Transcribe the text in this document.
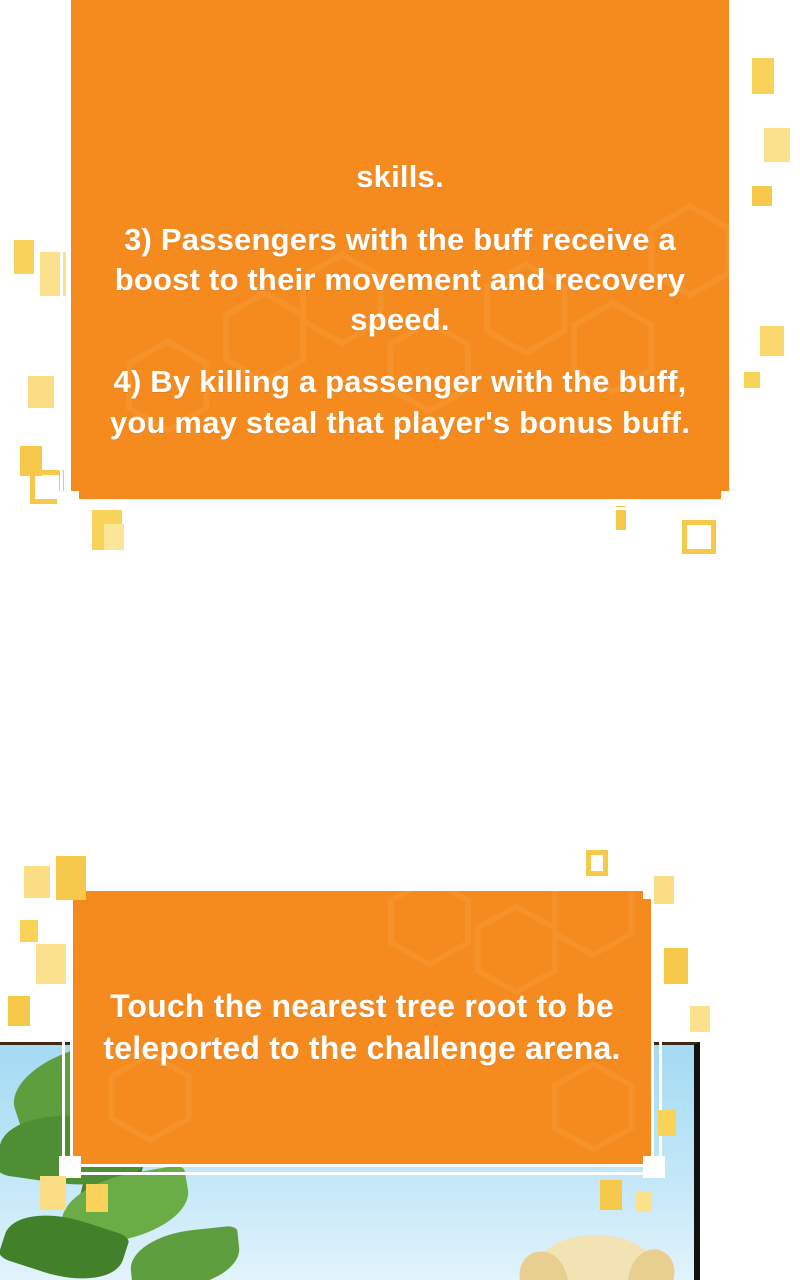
skills.

3) Passengers with the buff receive a boost to their movement and recovery speed.

4) By killing a passenger with the buff, you may steal that player's bonus buff.

Touch the nearest tree root to be teleported to the challenge arena.
